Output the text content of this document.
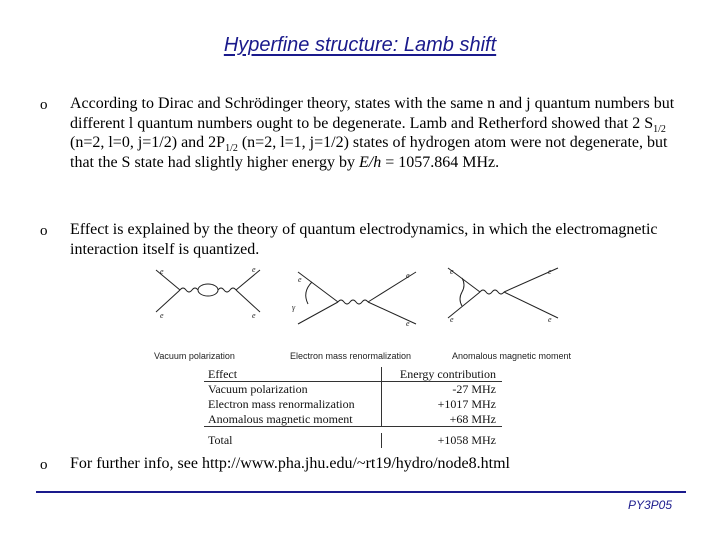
Hyperfine structure: Lamb shift
o According to Dirac and Schrödinger theory, states with the same n and j quantum numbers but different l quantum numbers ought to be degenerate. Lamb and Retherford showed that 2 $S_{1/2}$ (n=2, l=0, j=1/2) and $2P_{1/2}$ (n=2, l=1, j=1/2) states of hydrogen atom were not degenerate, but that the S state had slightly higher energy by E/h = 1057.864 MHz.
o Effect is explained by the theory of quantum electrodynamics, in which the electromagnetic interaction itself is quantized.
e	e
e	e
Vacuum polarization
e
γ
e
e
Electron mass renormalization
e	e
e	e
Anomalous magnetic moment
Effect	Energy contribution
Vacuum polarization	-27 MHz
Electron mass renormalization	+1017 MHz
Anomalous magnetic moment	+68 MHz
Total	+1058 MHz
o For further info, see http://www.pha.jhu.edu/~rt19/hydro/node8.html
PY3P05
